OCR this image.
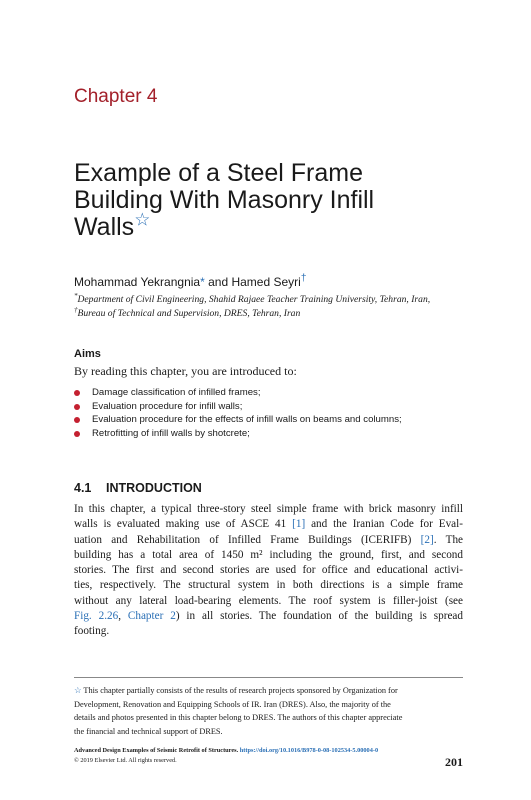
Chapter 4
Example of a Steel Frame
Building With Masonry Infill
Walls☆
Mohammad Yekrangnia* and Hamed Seyri†
*Department of Civil Engineering, Shahid Rajaee Teacher Training University, Tehran, Iran,
†Bureau of Technical and Supervision, DRES, Tehran, Iran
Aims
By reading this chapter, you are introduced to:
Damage classification of infilled frames;
Evaluation procedure for infill walls;
Evaluation procedure for the effects of infill walls on beams and columns;
Retrofitting of infill walls by shotcrete;
4.1 INTRODUCTION
In this chapter, a typical three-story steel simple frame with brick masonry infill
walls is evaluated making use of ASCE 41 [1] and the Iranian Code for Eval-
uation and Rehabilitation of Infilled Frame Buildings (ICERIFB) [2]. The
building has a total area of 1450 m² including the ground, first, and second
stories. The first and second stories are used for office and educational activi-
ties, respectively. The structural system in both directions is a simple frame
without any lateral load-bearing elements. The roof system is filler-joist (see
Fig. 2.26, Chapter 2) in all stories. The foundation of the building is spread
footing.
☆ This chapter partially consists of the results of research projects sponsored by Organization for
Development, Renovation and Equipping Schools of IR. Iran (DRES). Also, the majority of the
details and photos presented in this chapter belong to DRES. The authors of this chapter appreciate
the financial and technical support of DRES.
Advanced Design Examples of Seismic Retrofit of Structures. https://doi.org/10.1016/B978-0-08-102534-5.00004-0
© 2019 Elsevier Ltd. All rights reserved.	201
